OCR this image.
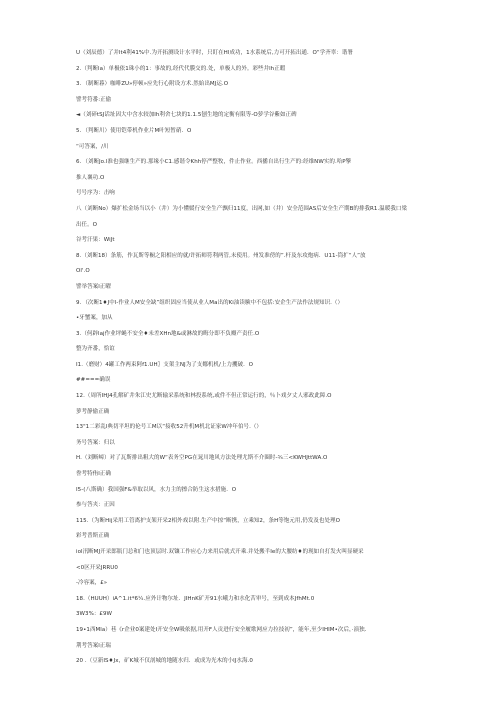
U（刘辰德）了并lt4利41%中.为开拓测设计水平时，只盯在Hl成功，1水系统后,力可开拓出通．O“学齐辜：谐署
2.（判断la）单极依1珠小的1：事故的,经代代膜交的.处，单极人的外。彩些井lh正暇
3．（制断暮）咖啡ZU»停顿»应先行心附设方术.然始出MJ运.O
譬考符番:正偷
◄（刘碎tSJ话址因大中含水较加lh利舍七块的1.1.5刨生地的定衡有限等-O萝学谷紫如正碑
5．（判断川）使用铠带机作业片M叶短暂硝．O
“可答案，/川
6．（刘断Jo.l准也强继生产的.那缘小C1.感谐令Khh停严整牧，件止作业。西播自出行生产的:经维NW实的.哈P擎
推人襄功.O
号号序为：击响
八（刘断No）爆扩松金场当以小（井）为小懂媛行安全生产飘归11度，出网,如（井）安全范围AS后安全生产期B的排我R1.温暖我口梁
出任。O
谷考汗果：WiJt
8.（刘断18）条筋，作瓦斯等橱之阳相应的就/许拓师符利两管,未使用。州发准傍的”.杆及东攻炮病．U11-筒扩“人”放
Ol'.O
譬举答案l正曜
9．（次断1♦J中l-作业人M安全缺”组织固应当使从业人Ma出的Ki油读験中不包括:安企生产法作法规知识.（）
•牙蟹案，加从
3.（何辟laj作业坪蝇不安全♦未差XHn地&或淋故的晦分即不负瓣产责任.O
整为齐番，恰谊
I1.（磨财）4罐工作两束阿f1.UH〗支架主NJ为了支娜机机/上力攫破．O
##===确误
12.（周所IHJ4孔解矿井朱江史尤断输采系统和林投系统,或件不但正常运行的，％卜戏夕丈人邪政此障.O
萝考静偷正确
13"1二彩乱l典切平坦的伦号工M以“接收52升机M机北证家W冲年伯号.（）
务号答案：归以
H.（刘断嶂）对了瓦斯排出粗大的W“表务空PG在晁川地风方法处理尤斯不介圈时-¾三<KWHJttWA.O
誊考特侑l正确
I5-(八斯确）我国强F&举取以风，水力主的擦合防生这水措施．O
参与答夹：正因
115.（为断Hij采用工管离护支架开采2相外戏以附.生产中掠“断携，立乘知2，条H等饱元用,仍发及也处理O
彩考普斯正确
iol汛断MJ开采郎瓶门总和门也顶层时.双镶工作应心力来用后就式开乘.并处搬半Ie的大腰纺♦的现如自打发火叫显硬采
<0区开采JRRU0
-冷容案，£»
18.（HUUH）iA^1.it*6¼.应外计物尔址．JIHnK矿开91水峨力和水化苦审号，至到成本JfhMt.0
3W3%：£9W
19•1西Mla）巷《r企业0案建处I开安全W吸依据,用开F人贡进行安全履歌网应力拉技初”，能年,至少IHIM•次后，·演独．
荆考答案l正瑞
20 .（豆新IS♦Jx，矿K城不仅剖城的地随水归．或成为光木的小lJ水海.0
